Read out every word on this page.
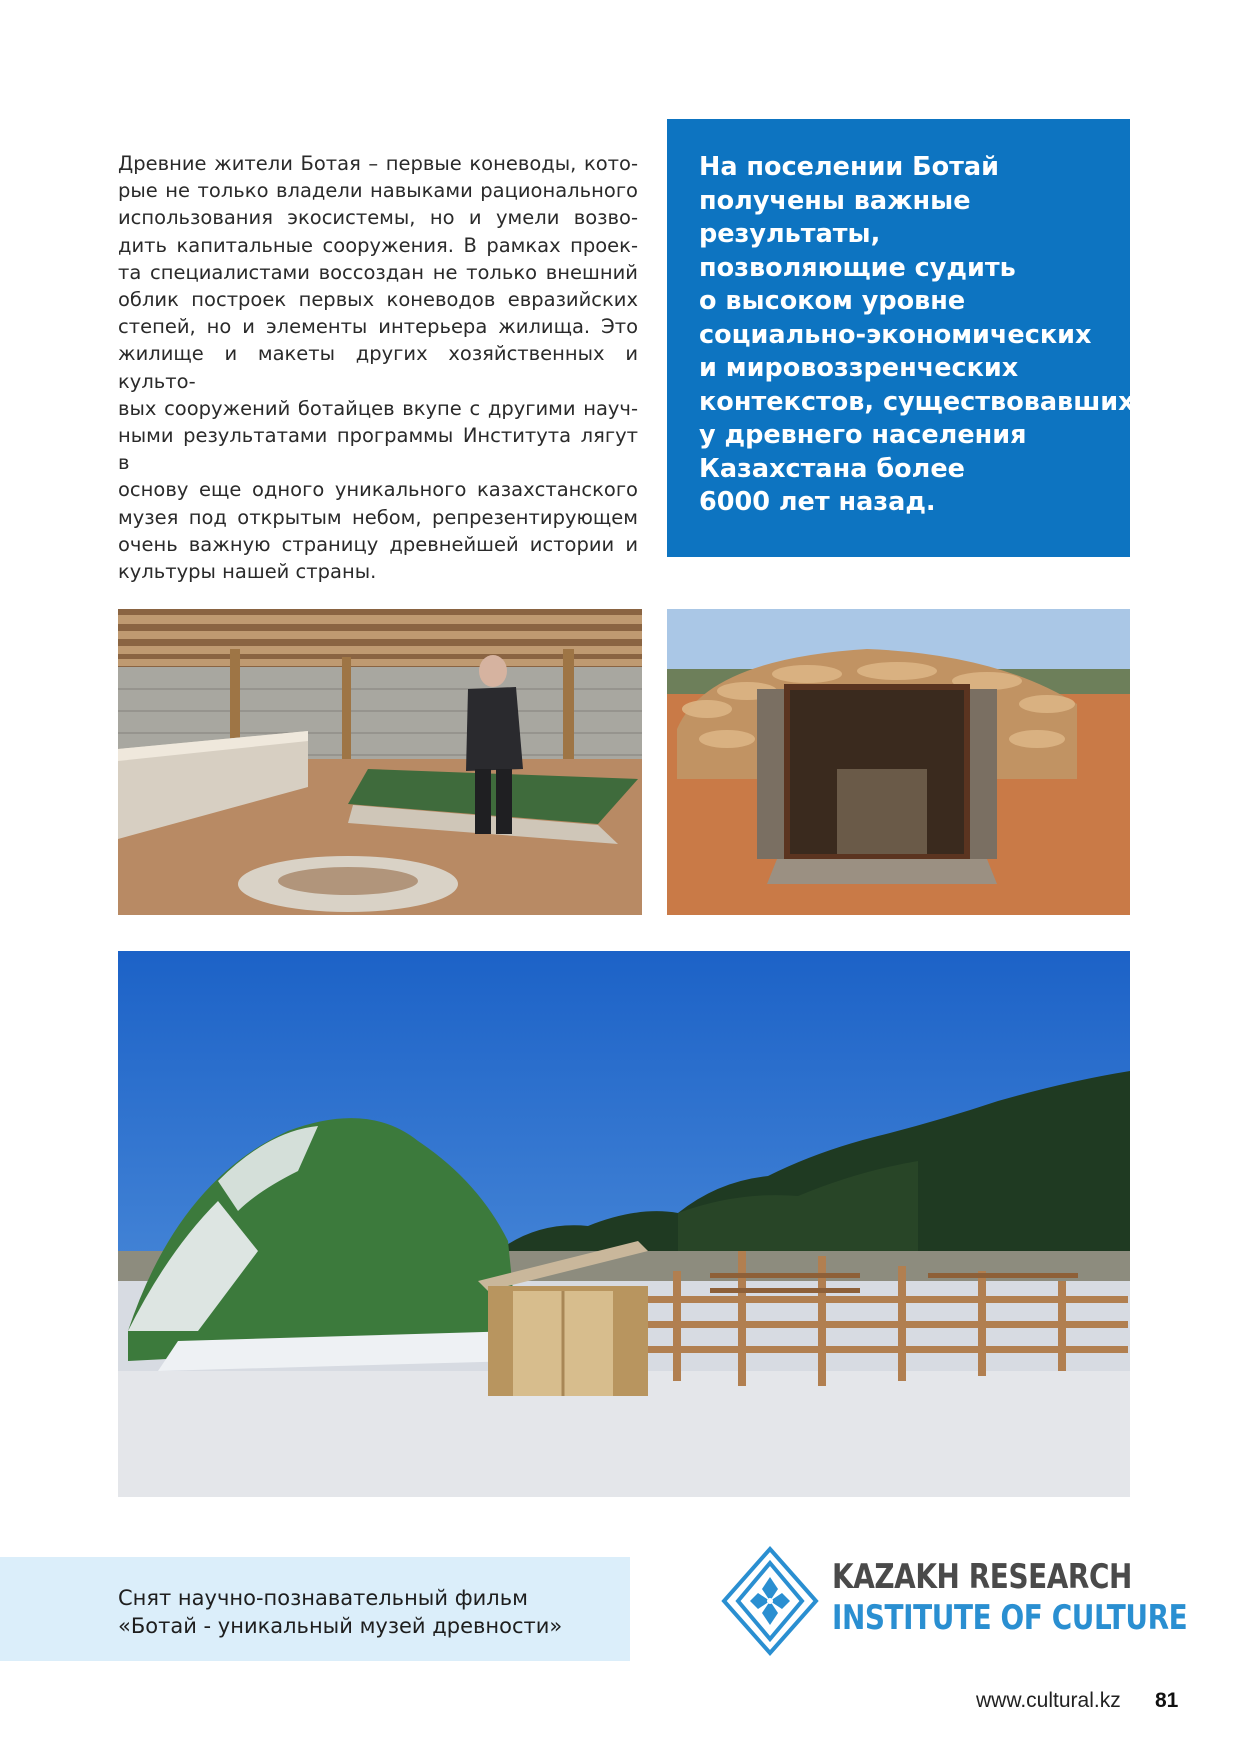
Древние жители Ботая – первые коневоды, кото-
рые не только владели навыками рационального
использования экосистемы, но и умели возво-
дить капитальные сооружения. В рамках проек-
та специалистами воссоздан не только внешний
облик построек первых коневодов евразийских
степей, но и элементы интерьера жилища. Это
жилище и макеты других хозяйственных и культо-
вых сооружений ботайцев вкупе с другими науч-
ными результатами программы Института лягут в
основу еще одного уникального казахстанского
музея под открытым небом, репрезентирующем
очень важную страницу древнейшей истории и
культуры нашей страны.

На поселении Ботай
получены важные
результаты,
позволяющие судить
о высоком уровне
социально-экономических
и мировоззренческих
контекстов, существовавших
у древнего населения
Казахстана более
6000 лет назад.

Снят научно-познавательный фильм
«Ботай - уникальный музей древности»
KAZAKH RESEARCH
INSTITUTE OF CULTURE
www.cultural.kz 81
